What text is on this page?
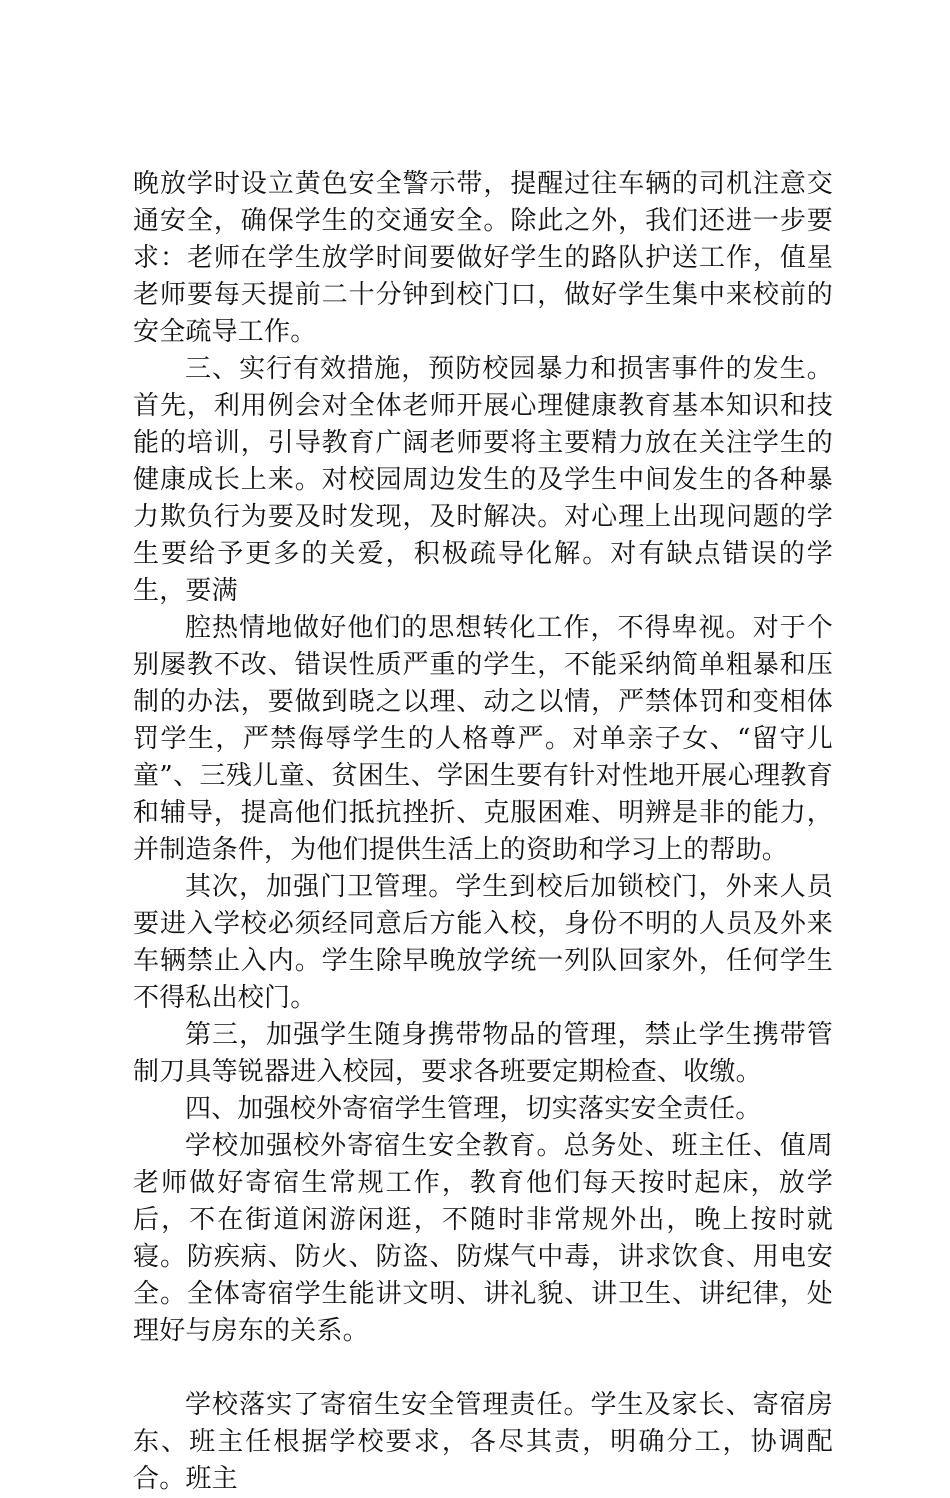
晚放学时设立黄色安全警示带，提醒过往车辆的司机注意交通安全，确保学生的交通安全。除此之外，我们还进一步要求：老师在学生放学时间要做好学生的路队护送工作，值星老师要每天提前二十分钟到校门口，做好学生集中来校前的安全疏导工作。

三、实行有效措施，预防校园暴力和损害事件的发生。首先，利用例会对全体老师开展心理健康教育基本知识和技能的培训，引导教育广阔老师要将主要精力放在关注学生的健康成长上来。对校园周边发生的及学生中间发生的各种暴力欺负行为要及时发现，及时解决。对心理上出现问题的学生要给予更多的关爱，积极疏导化解。对有缺点错误的学生，要满

腔热情地做好他们的思想转化工作，不得卑视。对于个别屡教不改、错误性质严重的学生，不能采纳简单粗暴和压制的办法，要做到晓之以理、动之以情，严禁体罚和变相体罚学生，严禁侮辱学生的人格尊严。对单亲子女、“留守儿童”、三残儿童、贫困生、学困生要有针对性地开展心理教育和辅导，提高他们抵抗挫折、克服困难、明辨是非的能力，并制造条件，为他们提供生活上的资助和学习上的帮助。

其次，加强门卫管理。学生到校后加锁校门，外来人员要进入学校必须经同意后方能入校，身份不明的人员及外来车辆禁止入内。学生除早晚放学统一列队回家外，任何学生不得私出校门。

第三，加强学生随身携带物品的管理，禁止学生携带管制刀具等锐器进入校园，要求各班要定期检查、收缴。

四、加强校外寄宿学生管理，切实落实安全责任。

学校加强校外寄宿生安全教育。总务处、班主任、值周老师做好寄宿生常规工作，教育他们每天按时起床，放学后，不在街道闲游闲逛，不随时非常规外出，晚上按时就寝。防疾病、防火、防盗、防煤气中毒，讲求饮食、用电安全。全体寄宿学生能讲文明、讲礼貌、讲卫生、讲纪律，处理好与房东的关系。

学校落实了寄宿生安全管理责任。学生及家长、寄宿房东、班主任根据学校要求，各尽其责，明确分工，协调配合。班主
